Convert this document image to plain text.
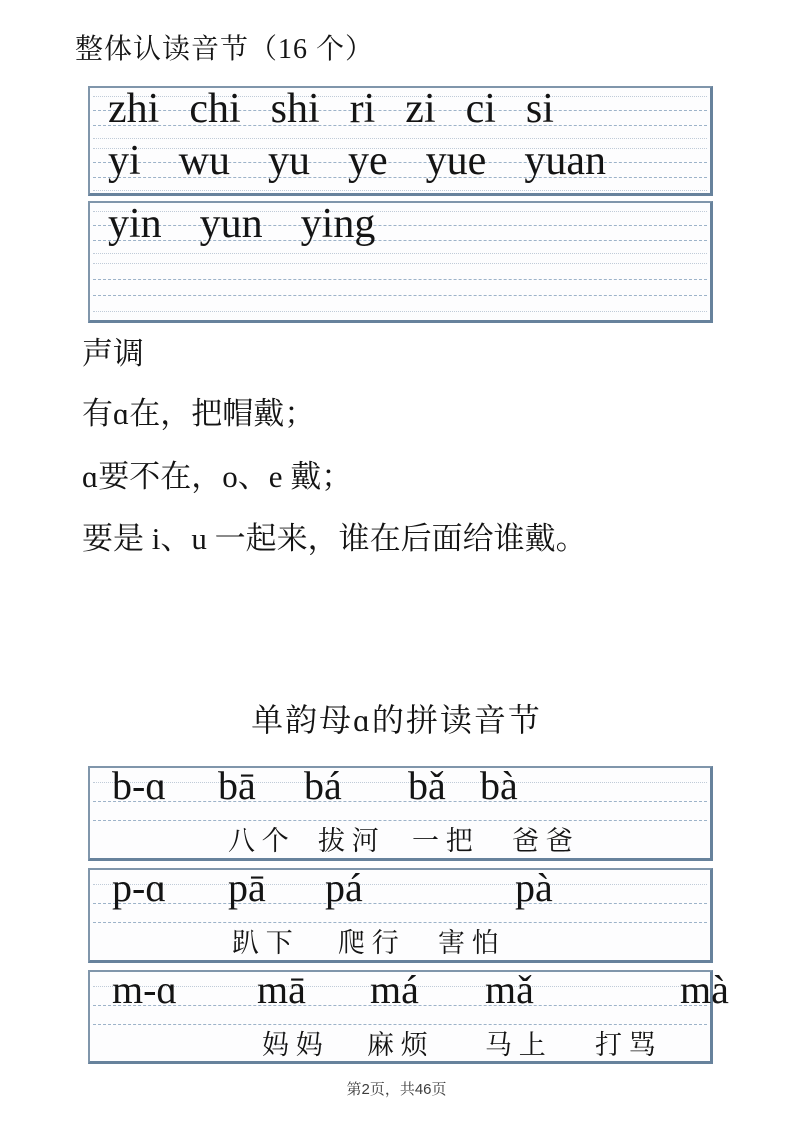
整体认读音节（16 个）
zhi chi shi ri zi ci si
yi wu yu ye yue yuan
yin yun ying
声调
有ɑ在，把帽戴；
ɑ要不在，o、e 戴；
要是 i、u 一起来，谁在后面给谁戴。
单韵母ɑ的拼读音节
b-ɑ	bā	bá	bǎ bà
八 个	拔 河	一 把	爸 爸
p-ɑ	pā	pá	pà
趴 下	爬 行	害 怕
m-ɑ	mā	má	mǎ	mà
妈 妈	麻 烦	马 上	打 骂
第2页，共46页
